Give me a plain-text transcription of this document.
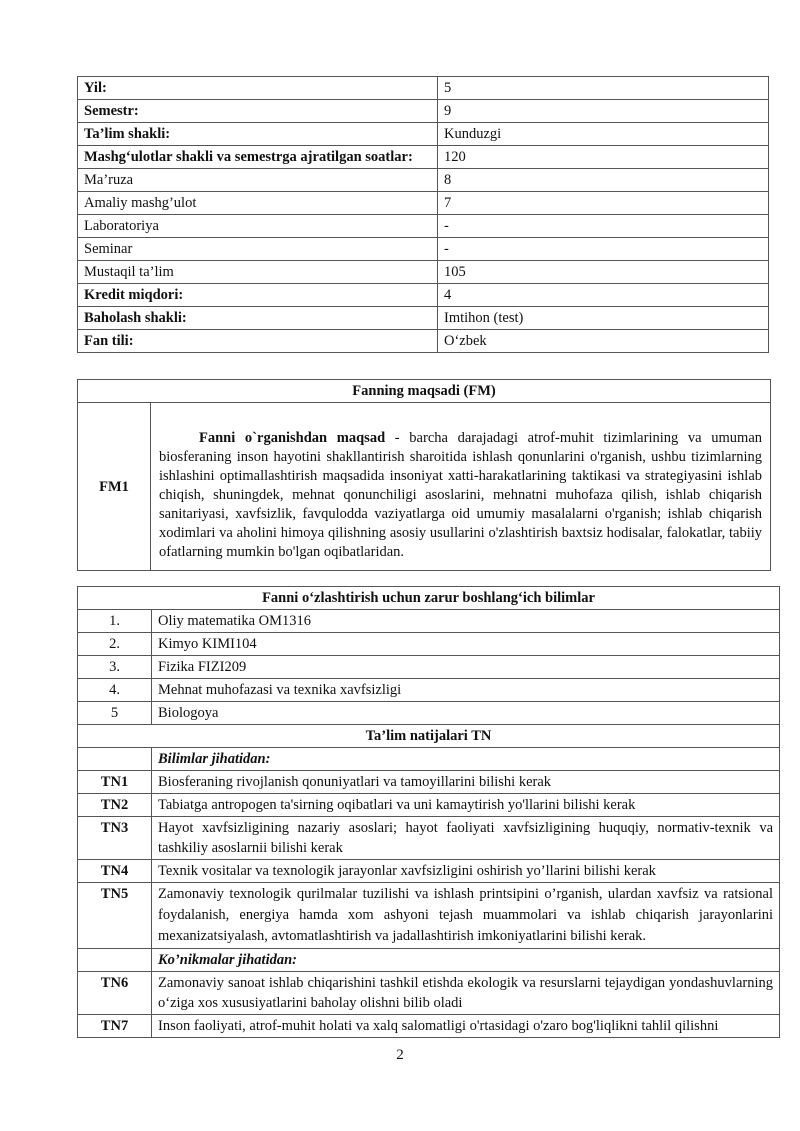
Yil:	5
Semestr:	9
Ta’lim shakli:	Kunduzgi
Mashg‘ulotlar shakli va semestrga ajratilgan soatlar:	120
Ma’ruza	8
Amaliy mashg’ulot	7
Laboratoriya	-
Seminar	-
Mustaqil ta’lim	105
Kredit miqdori:	4
Baholash shakli:	Imtihon (test)
Fan tili:	O‘zbek
Fanning maqsadi (FM)
FM1	Fanni o`rganishdan maqsad - barcha darajadagi atrof-muhit tizimlarining va umuman biosferaning inson hayotini shakllantirish sharoitida ishlash qonunlarini o'rganish, ushbu tizimlarning ishlashini optimallashtirish maqsadida insoniyat xatti-harakatlarining taktikasi va strategiyasini ishlab chiqish, shuningdek, mehnat qonunchiligi asoslarini, mehnatni muhofaza qilish, ishlab chiqarish sanitariyasi, xavfsizlik, favqulodda vaziyatlarga oid umumiy masalalarni o'rganish; ishlab chiqarish xodimlari va aholini himoya qilishning asosiy usullarini o'zlashtirish baxtsiz hodisalar, falokatlar, tabiiy ofatlarning mumkin bo'lgan oqibatlaridan.
Fanni o‘zlashtirish uchun zarur boshlang‘ich bilimlar	
1.	Oliy matematika OM1316
2.	Kimyo KIMI104
3.	Fizika FIZI209
4.	Mehnat muhofazasi va texnika xavfsizligi
5	Biologoya
Ta’lim natijalari TN	
	Bilimlar jihatidan:
TN1	Biosferaning rivojlanish qonuniyatlari va tamoyillarini bilishi kerak
TN2	Tabiatga antropogen ta'sirning oqibatlari va uni kamaytirish yo'llarini bilishi kerak
TN3	Hayot xavfsizligining nazariy asoslari; hayot faoliyati xavfsizligining huquqiy, normativ-texnik va tashkiliy asoslarnii bilishi kerak
TN4	Texnik vositalar va texnologik jarayonlar xavfsizligini oshirish yo’llarini bilishi kerak
TN5	Zamonaviy texnologik qurilmalar tuzilishi va ishlash printsipini o’rganish, ulardan xavfsiz va ratsional foydalanish, energiya hamda xom ashyoni tejash muammolari va ishlab chiqarish jarayonlarini mexanizatsiyalash, avtomatlashtirish va jadallashtirish imkoniyatlarini bilishi kerak.
	Ko’nikmalar jihatidan:
TN6	Zamonaviy sanoat ishlab chiqarishini tashkil etishda ekologik va resurslarni tejaydigan yondashuvlarning o‘ziga xos xususiyatlarini baholay olishni bilib oladi
TN7	Inson faoliyati, atrof-muhit holati va xalq salomatligi o'rtasidagi o'zaro bog'liqlikni tahlil qilishni
2
